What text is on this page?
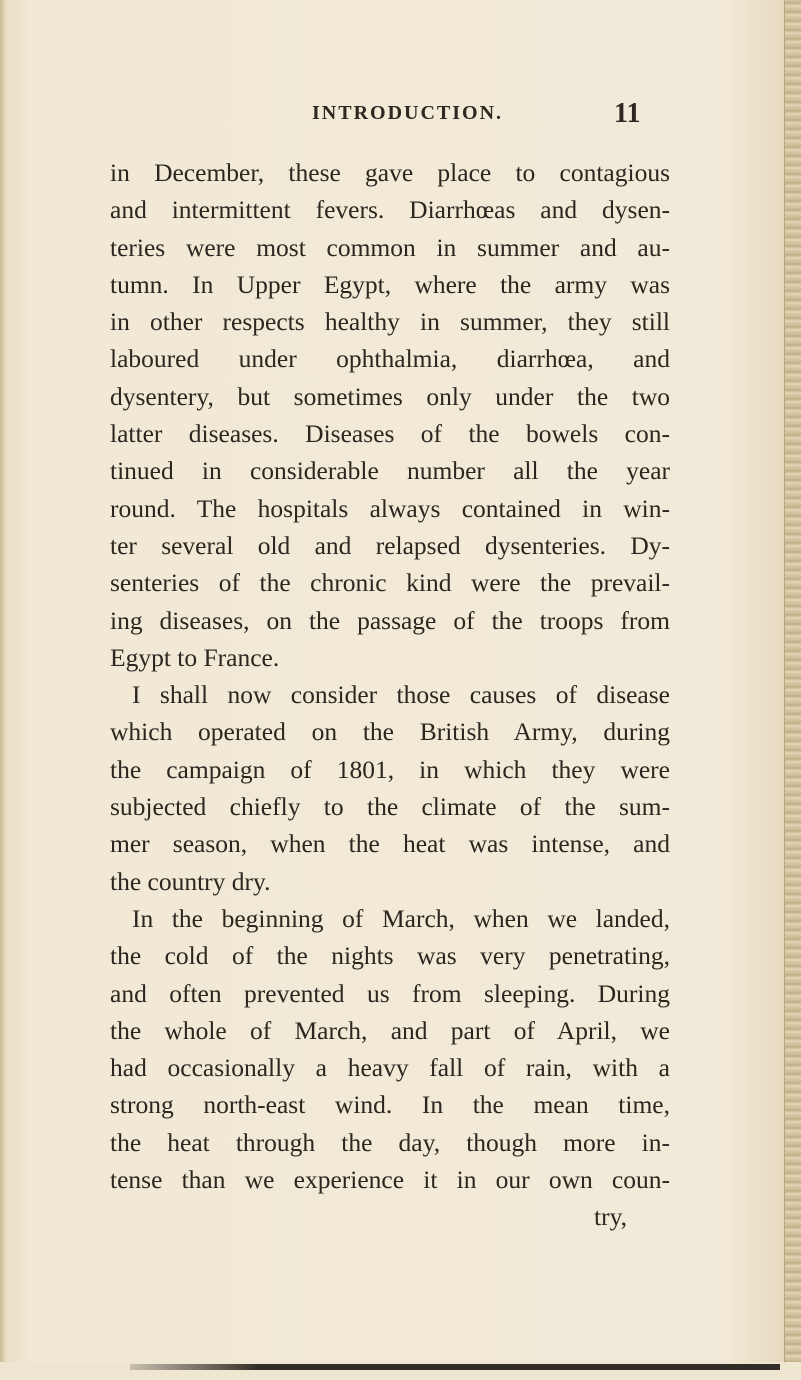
INTRODUCTION.	11
in December, these gave place to contagious
and intermittent fevers. Diarrhœas and dysen-
teries were most common in summer and au-
tumn. In Upper Egypt, where the army was
in other respects healthy in summer, they still
laboured under ophthalmia, diarrhœa, and
dysentery, but sometimes only under the two
latter diseases. Diseases of the bowels con-
tinued in considerable number all the year
round. The hospitals always contained in win-
ter several old and relapsed dysenteries. Dy-
senteries of the chronic kind were the prevail-
ing diseases, on the passage of the troops from
Egypt to France.
I shall now consider those causes of disease
which operated on the British Army, during
the campaign of 1801, in which they were
subjected chiefly to the climate of the sum-
mer season, when the heat was intense, and
the country dry.
In the beginning of March, when we landed,
the cold of the nights was very penetrating,
and often prevented us from sleeping. During
the whole of March, and part of April, we
had occasionally a heavy fall of rain, with a
strong north-east wind. In the mean time,
the heat through the day, though more in-
tense than we experience it in our own coun-
try,
